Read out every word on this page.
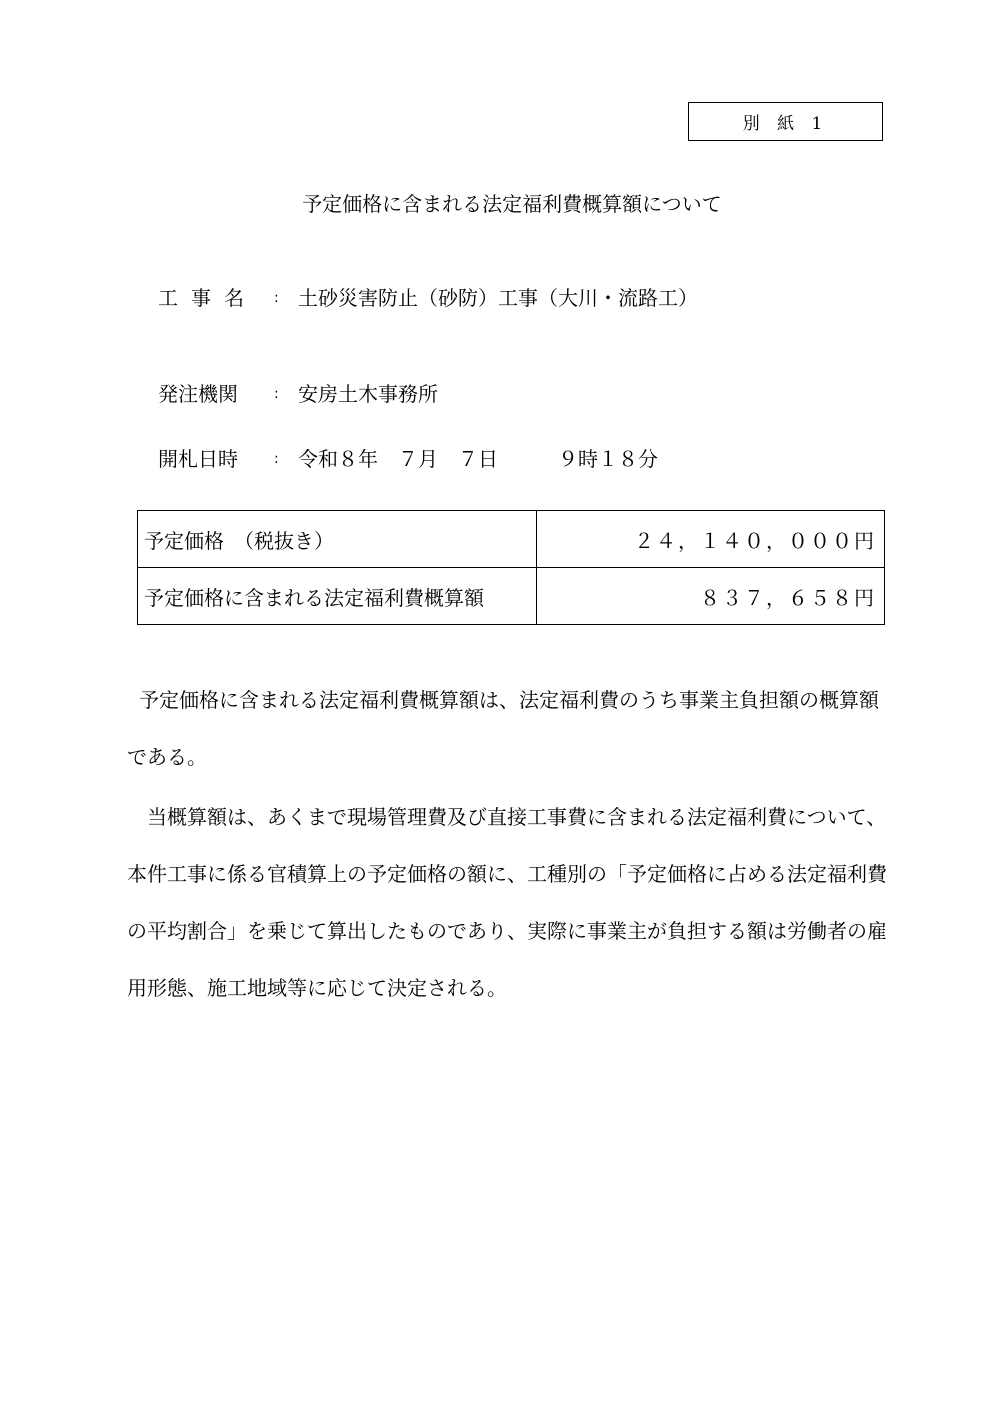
別 紙 1
予定価格に含まれる法定福利費概算額について
工事名 : 土砂災害防止（砂防）工事（大川・流路工）
発注機関	: 安房土木事務所
開札日時	: 令和８年　７月　７日　　　９時１８分
予定価格　（税抜き）	２４，１４０，０００円
予定価格に含まれる法定福利費概算額	８３７，６５８円

予定価格に含まれる法定福利費概算額は、法定福利費のうち事業主負担額の概算額である。

当概算額は、あくまで現場管理費及び直接工事費に含まれる法定福利費について、本件工事に係る官積算上の予定価格の額に、工種別の「予定価格に占める法定福利費の平均割合」を乗じて算出したものであり、実際に事業主が負担する額は労働者の雇用形態、施工地域等に応じて決定される。
